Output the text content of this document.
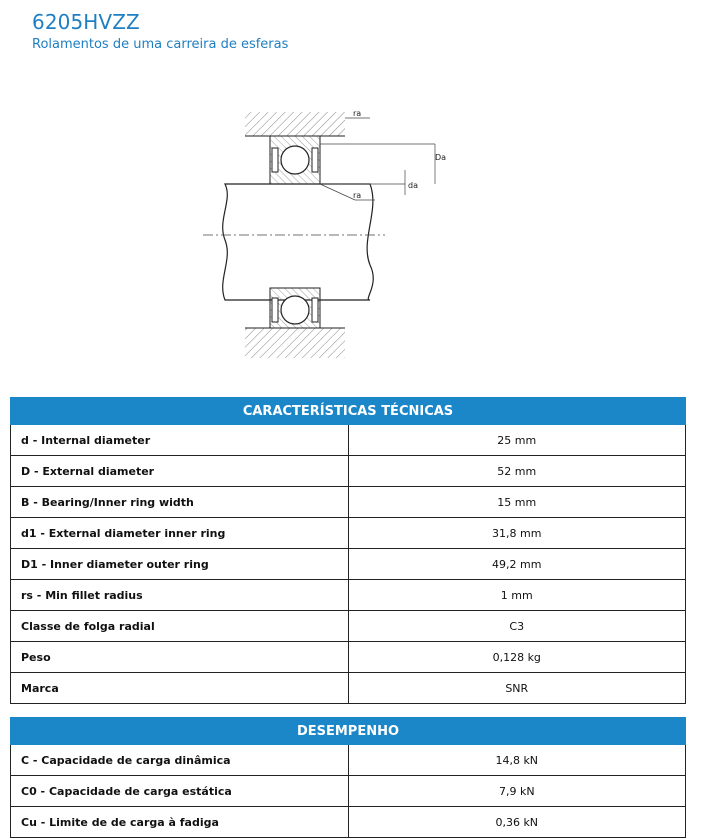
6205HVZZ
Rolamentos de uma carreira de esferas
ra
ra
Da
da
CARACTERÍSTICAS TÉCNICAS	
d - Internal diameter	25 mm
D - External diameter	52 mm
B - Bearing/Inner ring width	15 mm
d1 - External diameter inner ring	31,8 mm
D1 - Inner diameter outer ring	49,2 mm
rs - Min fillet radius	1 mm
Classe de folga radial	C3
Peso	0,128 kg
Marca	SNR
DESEMPENHO	
C - Capacidade de carga dinâmica	14,8 kN
C0 - Capacidade de carga estática	7,9 kN
Cu - Limite de de carga à fadiga	0,36 kN
